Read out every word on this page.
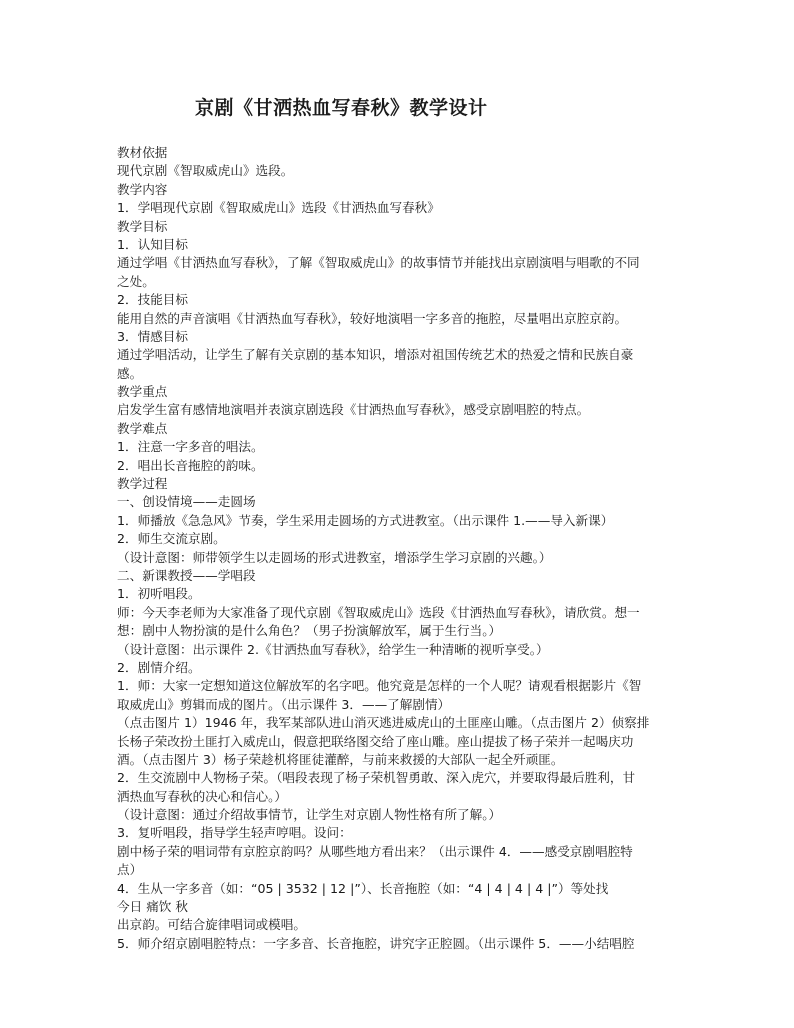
京剧《甘洒热血写春秋》教学设计
教材依据
现代京剧《智取威虎山》选段。
教学内容
1．学唱现代京剧《智取威虎山》选段《甘洒热血写春秋》
教学目标
1．认知目标
通过学唱《甘洒热血写春秋》，了解《智取威虎山》的故事情节并能找出京剧演唱与唱歌的不同
之处。
2．技能目标
能用自然的声音演唱《甘洒热血写春秋》，较好地演唱一字多音的拖腔，尽量唱出京腔京韵。
3．情感目标
通过学唱活动，让学生了解有关京剧的基本知识，增添对祖国传统艺术的热爱之情和民族自豪
感。
教学重点
启发学生富有感情地演唱并表演京剧选段《甘洒热血写春秋》，感受京剧唱腔的特点。
教学难点
1．注意一字多音的唱法。
2．唱出长音拖腔的韵味。
教学过程
一、创设情境——走圆场
1．师播放《急急风》节奏，学生采用走圆场的方式进教室。（出示课件 1.——导入新课）
2．师生交流京剧。
（设计意图：师带领学生以走圆场的形式进教室，增添学生学习京剧的兴趣。）
二、新课教授——学唱段
1．初听唱段。
师：今天李老师为大家准备了现代京剧《智取威虎山》选段《甘洒热血写春秋》，请欣赏。想一
想：剧中人物扮演的是什么角色？（男子扮演解放军，属于生行当。）
（设计意图：出示课件 2.《甘洒热血写春秋》，给学生一种清晰的视听享受。）
2．剧情介绍。
1．师：大家一定想知道这位解放军的名字吧。他究竟是怎样的一个人呢？请观看根据影片《智
取威虎山》剪辑而成的图片。（出示课件 3．——了解剧情）
（点击图片 1）1946 年，我军某部队进山消灭逃进威虎山的土匪座山雕。（点击图片 2）侦察排
长杨子荣改扮土匪打入威虎山，假意把联络图交给了座山雕。座山提拔了杨子荣并一起喝庆功
酒。（点击图片 3）杨子荣趁机将匪徒灌醉，与前来救援的大部队一起全歼顽匪。
2．生交流剧中人物杨子荣。（唱段表现了杨子荣机智勇敢、深入虎穴，并要取得最后胜利，甘
洒热血写春秋的决心和信心。）
（设计意图：通过介绍故事情节，让学生对京剧人物性格有所了解。）
3．复听唱段，指导学生轻声哼唱。设问：
剧中杨子荣的唱词带有京腔京韵吗？从哪些地方看出来？（出示课件 4．——感受京剧唱腔特
点）
4．生从一字多音（如：“05 | 3532 | 12 |”）、长音拖腔（如：“4 | 4 | 4 | 4 |”）等处找
今日 痛饮 秋
出京韵。可结合旋律唱词或模唱。
5．师介绍京剧唱腔特点：一字多音、长音拖腔，讲究字正腔圆。（出示课件 5．——小结唱腔
